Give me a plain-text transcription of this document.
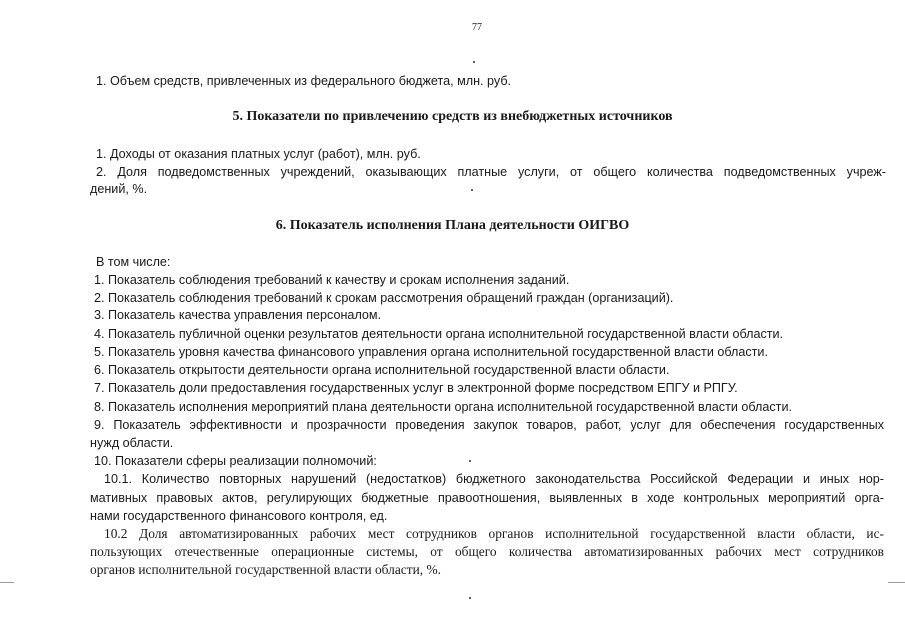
77
1. Объем средств, привлеченных из федерального бюджета, млн. руб.
5. Показатели по привлечению средств из внебюджетных источников
1. Доходы от оказания платных услуг (работ), млн. руб.
2. Доля подведомственных учреждений, оказывающих платные услуги, от общего количества подведомственных учреж-
дений, %.
6. Показатель исполнения Плана деятельности ОИГВО
В том числе:
1. Показатель соблюдения требований к качеству и срокам исполнения заданий.
2. Показатель соблюдения требований к срокам рассмотрения обращений граждан (организаций).
3. Показатель качества управления персоналом.
4. Показатель публичной оценки результатов деятельности органа исполнительной государственной власти области.
5. Показатель уровня качества финансового управления органа исполнительной государственной власти области.
6. Показатель открытости деятельности органа исполнительной государственной власти области.
7. Показатель доли предоставления государственных услуг в электронной форме посредством ЕПГУ и РПГУ.
8. Показатель исполнения мероприятий плана деятельности органа исполнительной государственной власти области.
9. Показатель эффективности и прозрачности проведения закупок товаров, работ, услуг для обеспечения государственных
нужд области.
10. Показатели сферы реализации полномочий:
10.1. Количество повторных нарушений (недостатков) бюджетного законодательства Российской Федерации и иных нор-
мативных правовых актов, регулирующих бюджетные правоотношения, выявленных в ходе контрольных мероприятий орга-
нами государственного финансового контроля, ед.
10.2 Доля автоматизированных рабочих мест сотрудников органов исполнительной государственной власти области, ис-
пользующих отечественные операционные системы, от общего количества автоматизированных рабочих мест сотрудников
органов исполнительной государственной власти области, %.
